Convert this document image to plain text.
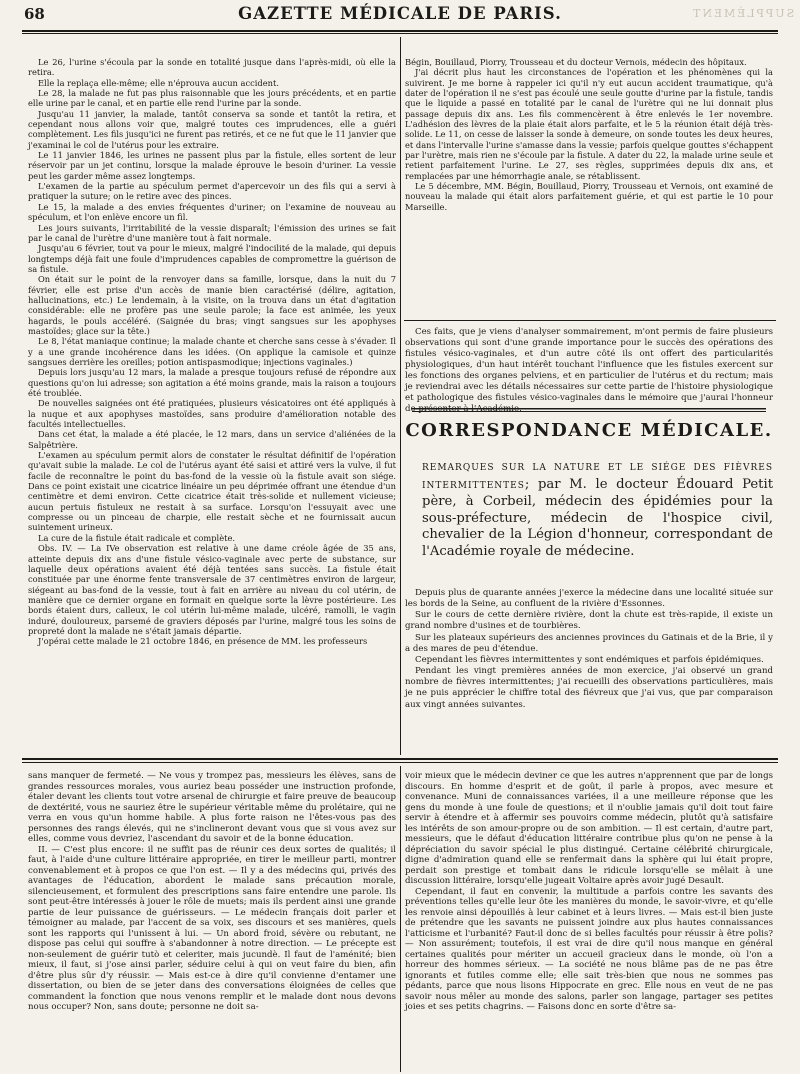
68	GAZETTE MÉDICALE DE PARIS.	SUPPLÉMENT

Le 26, l'urine s'écoula par la sonde en totalité jusque dans l'après-midi, où elle la retira.

Elle la replaça elle-même; elle n'éprouva aucun accident.

Le 28, la malade ne fut pas plus raisonnable que les jours précédents, et en partie elle urine par le canal, et en partie elle rend l'urine par la sonde.

Jusqu'au 11 janvier, la malade, tantôt conserva sa sonde et tantôt la retira, et cependant nous allons voir que, malgré toutes ces imprudences, elle a guéri complètement. Les fils jusqu'ici ne furent pas retirés, et ce ne fut que le 11 janvier que j'examinai le col de l'utérus pour les extraire.

Le 11 janvier 1846, les urines ne passent plus par la fistule, elles sortent de leur réservoir par un jet continu, lorsque la malade éprouve le besoin d'uriner. La vessie peut les garder même assez longtemps.

L'examen de la partie au spéculum permet d'apercevoir un des fils qui a servi à pratiquer la suture; on le retire avec des pinces.

Le 15, la malade a des envies fréquentes d'uriner; on l'examine de nouveau au spéculum, et l'on enlève encore un fil.

Les jours suivants, l'irritabilité de la vessie disparaît; l'émission des urines se fait par le canal de l'urètre d'une manière tout à fait normale.

Jusqu'au 6 février, tout va pour le mieux, malgré l'indocilité de la malade, qui depuis longtemps déjà fait une foule d'imprudences capables de compromettre la guérison de sa fistule.

On était sur le point de la renvoyer dans sa famille, lorsque, dans la nuit du 7 février, elle est prise d'un accès de manie bien caractérisé (délire, agitation, hallucinations, etc.) Le lendemain, à la visite, on la trouva dans un état d'agitation considérable: elle ne profère pas une seule parole; la face est animée, les yeux hagards, le pouls accéléré. (Saignée du bras; vingt sangsues sur les apophyses mastoïdes; glace sur la tête.)

Le 8, l'état maniaque continue; la malade chante et cherche sans cesse à s'évader. Il y a une grande incohérence dans les idées. (On applique la camisole et quinze sangsues derrière les oreilles; potion antispasmodique; injections vaginales.)

Depuis lors jusqu'au 12 mars, la malade a presque toujours refusé de répondre aux questions qu'on lui adresse; son agitation a été moins grande, mais la raison a toujours été troublée.

De nouvelles saignées ont été pratiquées, plusieurs vésicatoires ont été appliqués à la nuque et aux apophyses mastoïdes, sans produire d'amélioration notable des facultés intellectuelles.

Dans cet état, la malade a été placée, le 12 mars, dans un service d'aliénées de la Salpêtrière.

L'examen au spéculum permit alors de constater le résultat définitif de l'opération qu'avait subie la malade. Le col de l'utérus ayant été saisi et attiré vers la vulve, il fut facile de reconnaître le point du bas-fond de la vessie où la fistule avait son siége. Dans ce point existait une cicatrice linéaire un peu déprimée offrant une étendue d'un centimètre et demi environ. Cette cicatrice était très-solide et nullement vicieuse; aucun pertuis fistuleux ne restait à sa surface. Lorsqu'on l'essuyait avec une compresse ou un pinceau de charpie, elle restait sèche et ne fournissait aucun suintement urineux.

La cure de la fistule était radicale et complète.

Obs. IV. — La IVe observation est relative à une dame créole âgée de 35 ans, atteinte depuis dix ans d'une fistule vésico-vaginale avec perte de substance, sur laquelle deux opérations avaient été déjà tentées sans succès. La fistule était constituée par une énorme fente transversale de 37 centimètres environ de largeur, siégeant au bas-fond de la vessie, tout à fait en arrière au niveau du col utérin, de manière que ce dernier organe en formait en quelque sorte la lèvre postérieure. Les bords étaient durs, calleux, le col utérin lui-même malade, ulcéré, ramolli, le vagin induré, douloureux, parsemé de graviers déposés par l'urine, malgré tous les soins de propreté dont la malade ne s'était jamais départie.

J'opérai cette malade le 21 octobre 1846, en présence de MM. les professeurs

Bégin, Bouillaud, Piorry, Trousseau et du docteur Vernois, médecin des hôpitaux.

J'ai décrit plus haut les circonstances de l'opération et les phénomènes qui la suivirent. Je me borne à rappeler ici qu'il n'y eut aucun accident traumatique, qu'à dater de l'opération il ne s'est pas écoulé une seule goutte d'urine par la fistule, tandis que le liquide a passé en totalité par le canal de l'urètre qui ne lui donnait plus passage depuis dix ans. Les fils commencèrent à être enlevés le 1er novembre. L'adhésion des lèvres de la plaie était alors parfaite, et le 5 la réunion était déjà très-solide. Le 11, on cesse de laisser la sonde à demeure, on sonde toutes les deux heures, et dans l'intervalle l'urine s'amasse dans la vessie; parfois quelque gouttes s'échappent par l'urètre, mais rien ne s'écoule par la fistule. A dater du 22, la malade urine seule et retient parfaitement l'urine. Le 27, ses règles, supprimées depuis dix ans, et remplacées par une hémorrhagie anale, se rétablissent.

Le 5 décembre, MM. Bégin, Bouillaud, Piorry, Trousseau et Vernois, ont examiné de nouveau la malade qui était alors parfaitement guérie, et qui est partie le 10 pour Marseille.

Ces faits, que je viens d'analyser sommairement, m'ont permis de faire plusieurs observations qui sont d'une grande importance pour le succès des opérations des fistules vésico-vaginales, et d'un autre côté ils ont offert des particularités physiologiques, d'un haut intérêt touchant l'influence que les fistules exercent sur les fonctions des organes pelviens, et en particulier de l'utérus et du rectum; mais je reviendrai avec les détails nécessaires sur cette partie de l'histoire physiologique et pathologique des fistules vésico-vaginales dans le mémoire que j'aurai l'honneur de présenter à l'Académie.

CORRESPONDANCE MÉDICALE.
REMARQUES SUR LA NATURE ET LE SIÉGE DES FIÈVRES INTERMITTENTES; par M. le docteur Édouard Petit père, à Corbeil, médecin des épidémies pour la sous-préfecture, médecin de l'hospice civil, chevalier de la Légion d'honneur, correspondant de l'Académie royale de médecine.

Depuis plus de quarante années j'exerce la médecine dans une localité située sur les bords de la Seine, au confluent de la rivière d'Essonnes.

Sur le cours de cette dernière rivière, dont la chute est très-rapide, il existe un grand nombre d'usines et de tourbières.

Sur les plateaux supérieurs des anciennes provinces du Gatinais et de la Brie, il y a des mares de peu d'étendue.

Cependant les fièvres intermittentes y sont endémiques et parfois épidémiques.

Pendant les vingt premières années de mon exercice, j'ai observé un grand nombre de fièvres intermittentes; j'ai recueilli des observations particulières, mais je ne puis apprécier le chiffre total des fiévreux que j'ai vus, que par comparaison aux vingt années suivantes.

sans manquer de fermeté. — Ne vous y trompez pas, messieurs les élèves, sans de grandes ressources morales, vous auriez beau posséder une instruction profonde, étaler devant les clients tout votre arsenal de chirurgie et faire preuve de beaucoup de dextérité, vous ne sauriez être le supérieur véritable même du prolétaire, qui ne verra en vous qu'un homme habile. A plus forte raison ne l'êtes-vous pas des personnes des rangs élevés, qui ne s'inclineront devant vous que si vous avez sur elles, comme vous devriez, l'ascendant du savoir et de la bonne éducation.

II. — C'est plus encore: il ne suffit pas de réunir ces deux sortes de qualités; il faut, à l'aide d'une culture littéraire appropriée, en tirer le meilleur parti, montrer convenablement et à propos ce que l'on est. — Il y a des médecins qui, privés des avantages de l'éducation, abordent le malade sans précaution morale, silencieusement, et formulent des prescriptions sans faire entendre une parole. Ils sont peut-être intéressés à jouer le rôle de muets; mais ils perdent ainsi une grande partie de leur puissance de guérisseurs. — Le médecin français doit parler et témoigner au malade, par l'accent de sa voix, ses discours et ses manières, quels sont les rapports qui l'unissent à lui. — Un abord froid, sévère ou rebutant, ne dispose pas celui qui souffre à s'abandonner à notre direction. — Le précepte est non-seulement de guérir tutò et celeriter, mais jucundè. Il faut de l'aménité; bien mieux, il faut, si j'ose ainsi parler, séduire celui à qui on veut faire du bien, afin d'être plus sûr d'y réussir. — Mais est-ce à dire qu'il convienne d'entamer une dissertation, ou bien de se jeter dans des conversations éloignées de celles que commandent la fonction que nous venons remplir et le malade dont nous devons nous occuper? Non, sans doute; personne ne doit sa-

voir mieux que le médecin deviner ce que les autres n'apprennent que par de longs discours. En homme d'esprit et de goût, il parle à propos, avec mesure et convenance. Muni de connaissances variées, il a une meilleure réponse que les gens du monde à une foule de questions; et il n'oublie jamais qu'il doit tout faire servir à étendre et à affermir ses pouvoirs comme médecin, plutôt qu'à satisfaire les intérêts de son amour-propre ou de son ambition. — Il est certain, d'autre part, messieurs, que le défaut d'éducation littéraire contribue plus qu'on ne pense à la dépréciation du savoir spécial le plus distingué. Certaine célébrité chirurgicale, digne d'admiration quand elle se renfermait dans la sphère qui lui était propre, perdait son prestige et tombait dans le ridicule lorsqu'elle se mêlait à une discussion littéraire, lorsqu'elle jugeait Voltaire après avoir jugé Desault.

Cependant, il faut en convenir, la multitude a parfois contre les savants des préventions telles qu'elle leur ôte les manières du monde, le savoir-vivre, et qu'elle les renvoie ainsi dépouillés à leur cabinet et à leurs livres. — Mais est-il bien juste de prétendre que les savants ne puissent joindre aux plus hautes connaissances l'atticisme et l'urbanité? Faut-il donc de si belles facultés pour réussir à être polis? — Non assurément; toutefois, il est vrai de dire qu'il nous manque en général certaines qualités pour mériter un accueil gracieux dans le monde, où l'on a horreur des hommes sérieux. — La société ne nous blâme pas de ne pas être ignorants et futiles comme elle; elle sait très-bien que nous ne sommes pas pédants, parce que nous lisons Hippocrate en grec. Elle nous en veut de ne pas savoir nous mêler au monde des salons, parler son langage, partager ses petites joies et ses petits chagrins. — Faisons donc en sorte d'être sa-
